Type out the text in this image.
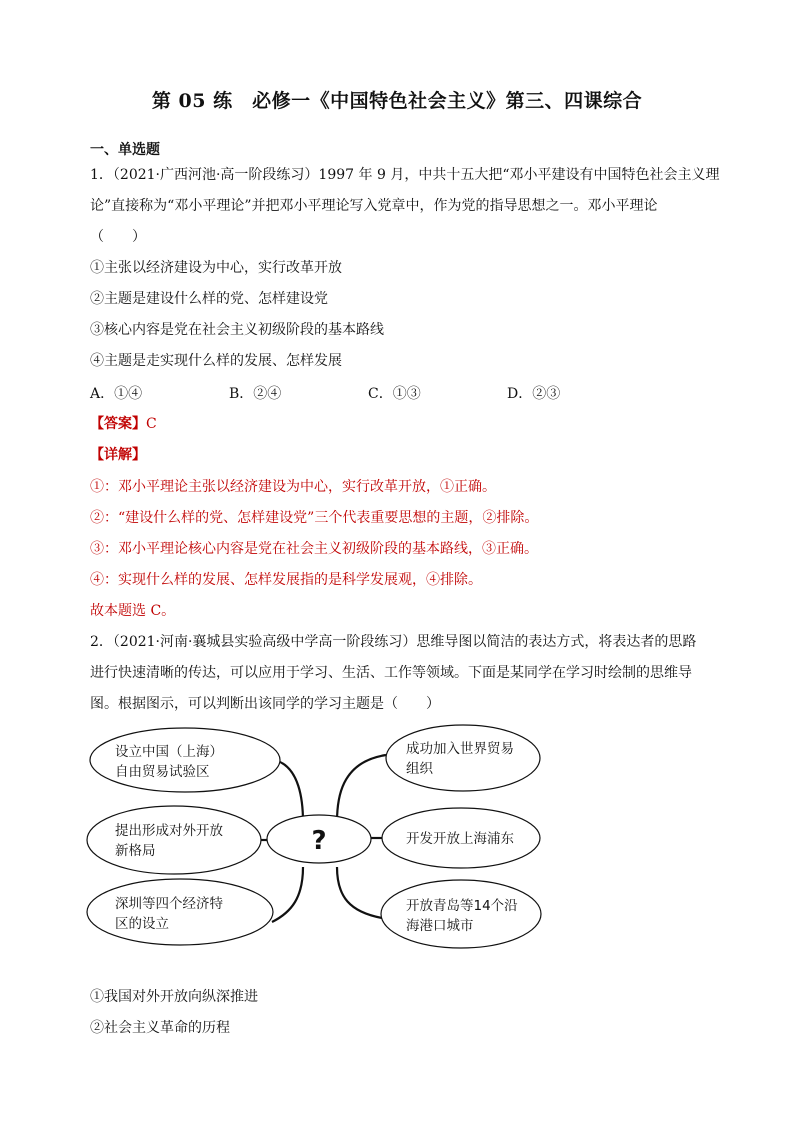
第 05 练　必修一《中国特色社会主义》第三、四课综合
一、单选题
1．（2021·广西河池·高一阶段练习）1997 年 9 月，中共十五大把“邓小平建设有中国特色社会主义理
论”直接称为“邓小平理论”并把邓小平理论写入党章中，作为党的指导思想之一。邓小平理论
（　　）
①主张以经济建设为中心，实行改革开放
②主题是建设什么样的党、怎样建设党
③核心内容是党在社会主义初级阶段的基本路线
④主题是走实现什么样的发展、怎样发展
A．①④	B．②④	C．①③	D．②③
【答案】C
【详解】
①：邓小平理论主张以经济建设为中心，实行改革开放，①正确。
②：“建设什么样的党、怎样建设党”三个代表重要思想的主题，②排除。
③：邓小平理论核心内容是党在社会主义初级阶段的基本路线，③正确。
④：实现什么样的发展、怎样发展指的是科学发展观，④排除。
故本题选 C。
2．（2021·河南·襄城县实验高级中学高一阶段练习）思维导图以简洁的表达方式，将表达者的思路
进行快速清晰的传达，可以应用于学习、生活、工作等领域。下面是某同学在学习时绘制的思维导
图。根据图示，可以判断出该同学的学习主题是（　　）
设立中国（上海）
自由贸易试验区
提出形成对外开放
新格局
深圳等四个经济特
区的设立
成功加入世界贸易
组织
开发开放上海浦东
开放青岛等14个沿
海港口城市
?
①我国对外开放向纵深推进
②社会主义革命的历程
